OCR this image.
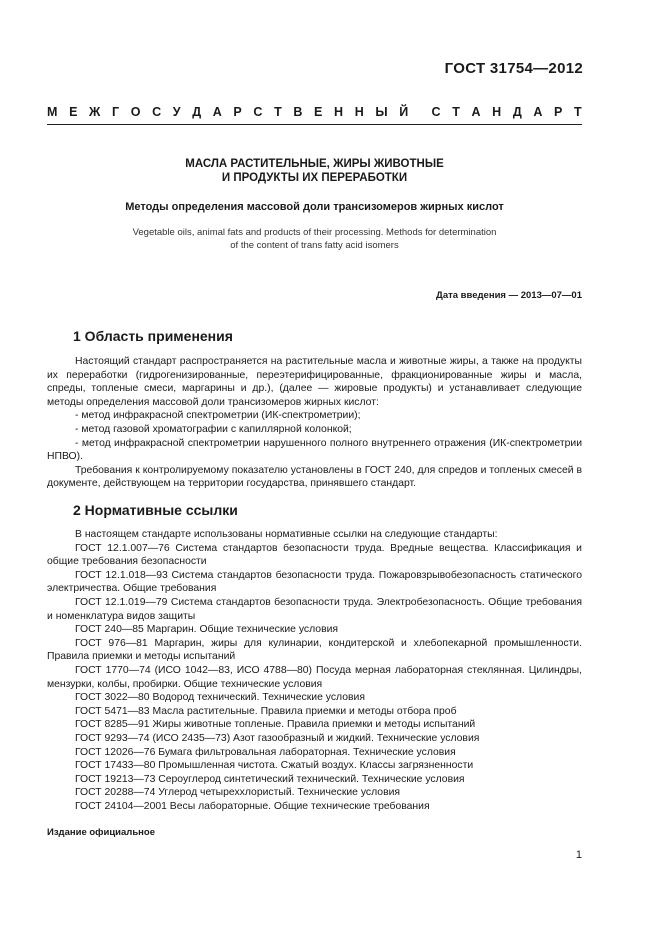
ГОСТ 31754—2012
М Е Ж Г О С У Д А Р С Т В Е Н Н Ы Й С Т А Н Д А Р Т
МАСЛА РАСТИТЕЛЬНЫЕ, ЖИРЫ ЖИВОТНЫЕ
И ПРОДУКТЫ ИХ ПЕРЕРАБОТКИ
Методы определения массовой доли трансизомеров жирных кислот
Vegetable oils, animal fats and products of their processing. Methods for determination
of the content of trans fatty acid isomers
Дата введения — 2013—07—01
1 Область применения

Настоящий стандарт распространяется на растительные масла и животные жиры, а также на продукты их переработки (гидрогенизированные, переэтерифицированные, фракционированные жиры и масла, спреды, топленые смеси, маргарины и др.), (далее — жировые продукты) и устанавливает следующие методы определения массовой доли трансизомеров жирных кислот:

- метод инфракрасной спектрометрии (ИК-спектрометрии);

- метод газовой хроматографии с капиллярной колонкой;

- метод инфракрасной спектрометрии нарушенного полного внутреннего отражения (ИК-спектрометрии НПВО).

Требования к контролируемому показателю установлены в ГОСТ 240, для спредов и топленых смесей в документе, действующем на территории государства, принявшего стандарт.

2 Нормативные ссылки

В настоящем стандарте использованы нормативные ссылки на следующие стандарты:

ГОСТ 12.1.007—76 Система стандартов безопасности труда. Вредные вещества. Классификация и общие требования безопасности

ГОСТ 12.1.018—93 Система стандартов безопасности труда. Пожаровзрывобезопасность статического электричества. Общие требования

ГОСТ 12.1.019—79 Система стандартов безопасности труда. Электробезопасность. Общие требования и номенклатура видов защиты

ГОСТ 240—85 Маргарин. Общие технические условия

ГОСТ 976—81 Маргарин, жиры для кулинарии, кондитерской и хлебопекарной промышленности. Правила приемки и методы испытаний

ГОСТ 1770—74 (ИСО 1042—83, ИСО 4788—80) Посуда мерная лабораторная стеклянная. Цилиндры, мензурки, колбы, пробирки. Общие технические условия

ГОСТ 3022—80 Водород технический. Технические условия

ГОСТ 5471—83 Масла растительные. Правила приемки и методы отбора проб

ГОСТ 8285—91 Жиры животные топленые. Правила приемки и методы испытаний

ГОСТ 9293—74 (ИСО 2435—73) Азот газообразный и жидкий. Технические условия

ГОСТ 12026—76 Бумага фильтровальная лабораторная. Технические условия

ГОСТ 17433—80 Промышленная чистота. Сжатый воздух. Классы загрязненности

ГОСТ 19213—73 Сероуглерод синтетический технический. Технические условия

ГОСТ 20288—74 Углерод четыреххлористый. Технические условия

ГОСТ 24104—2001 Весы лабораторные. Общие технические требования

Издание официальное
1
